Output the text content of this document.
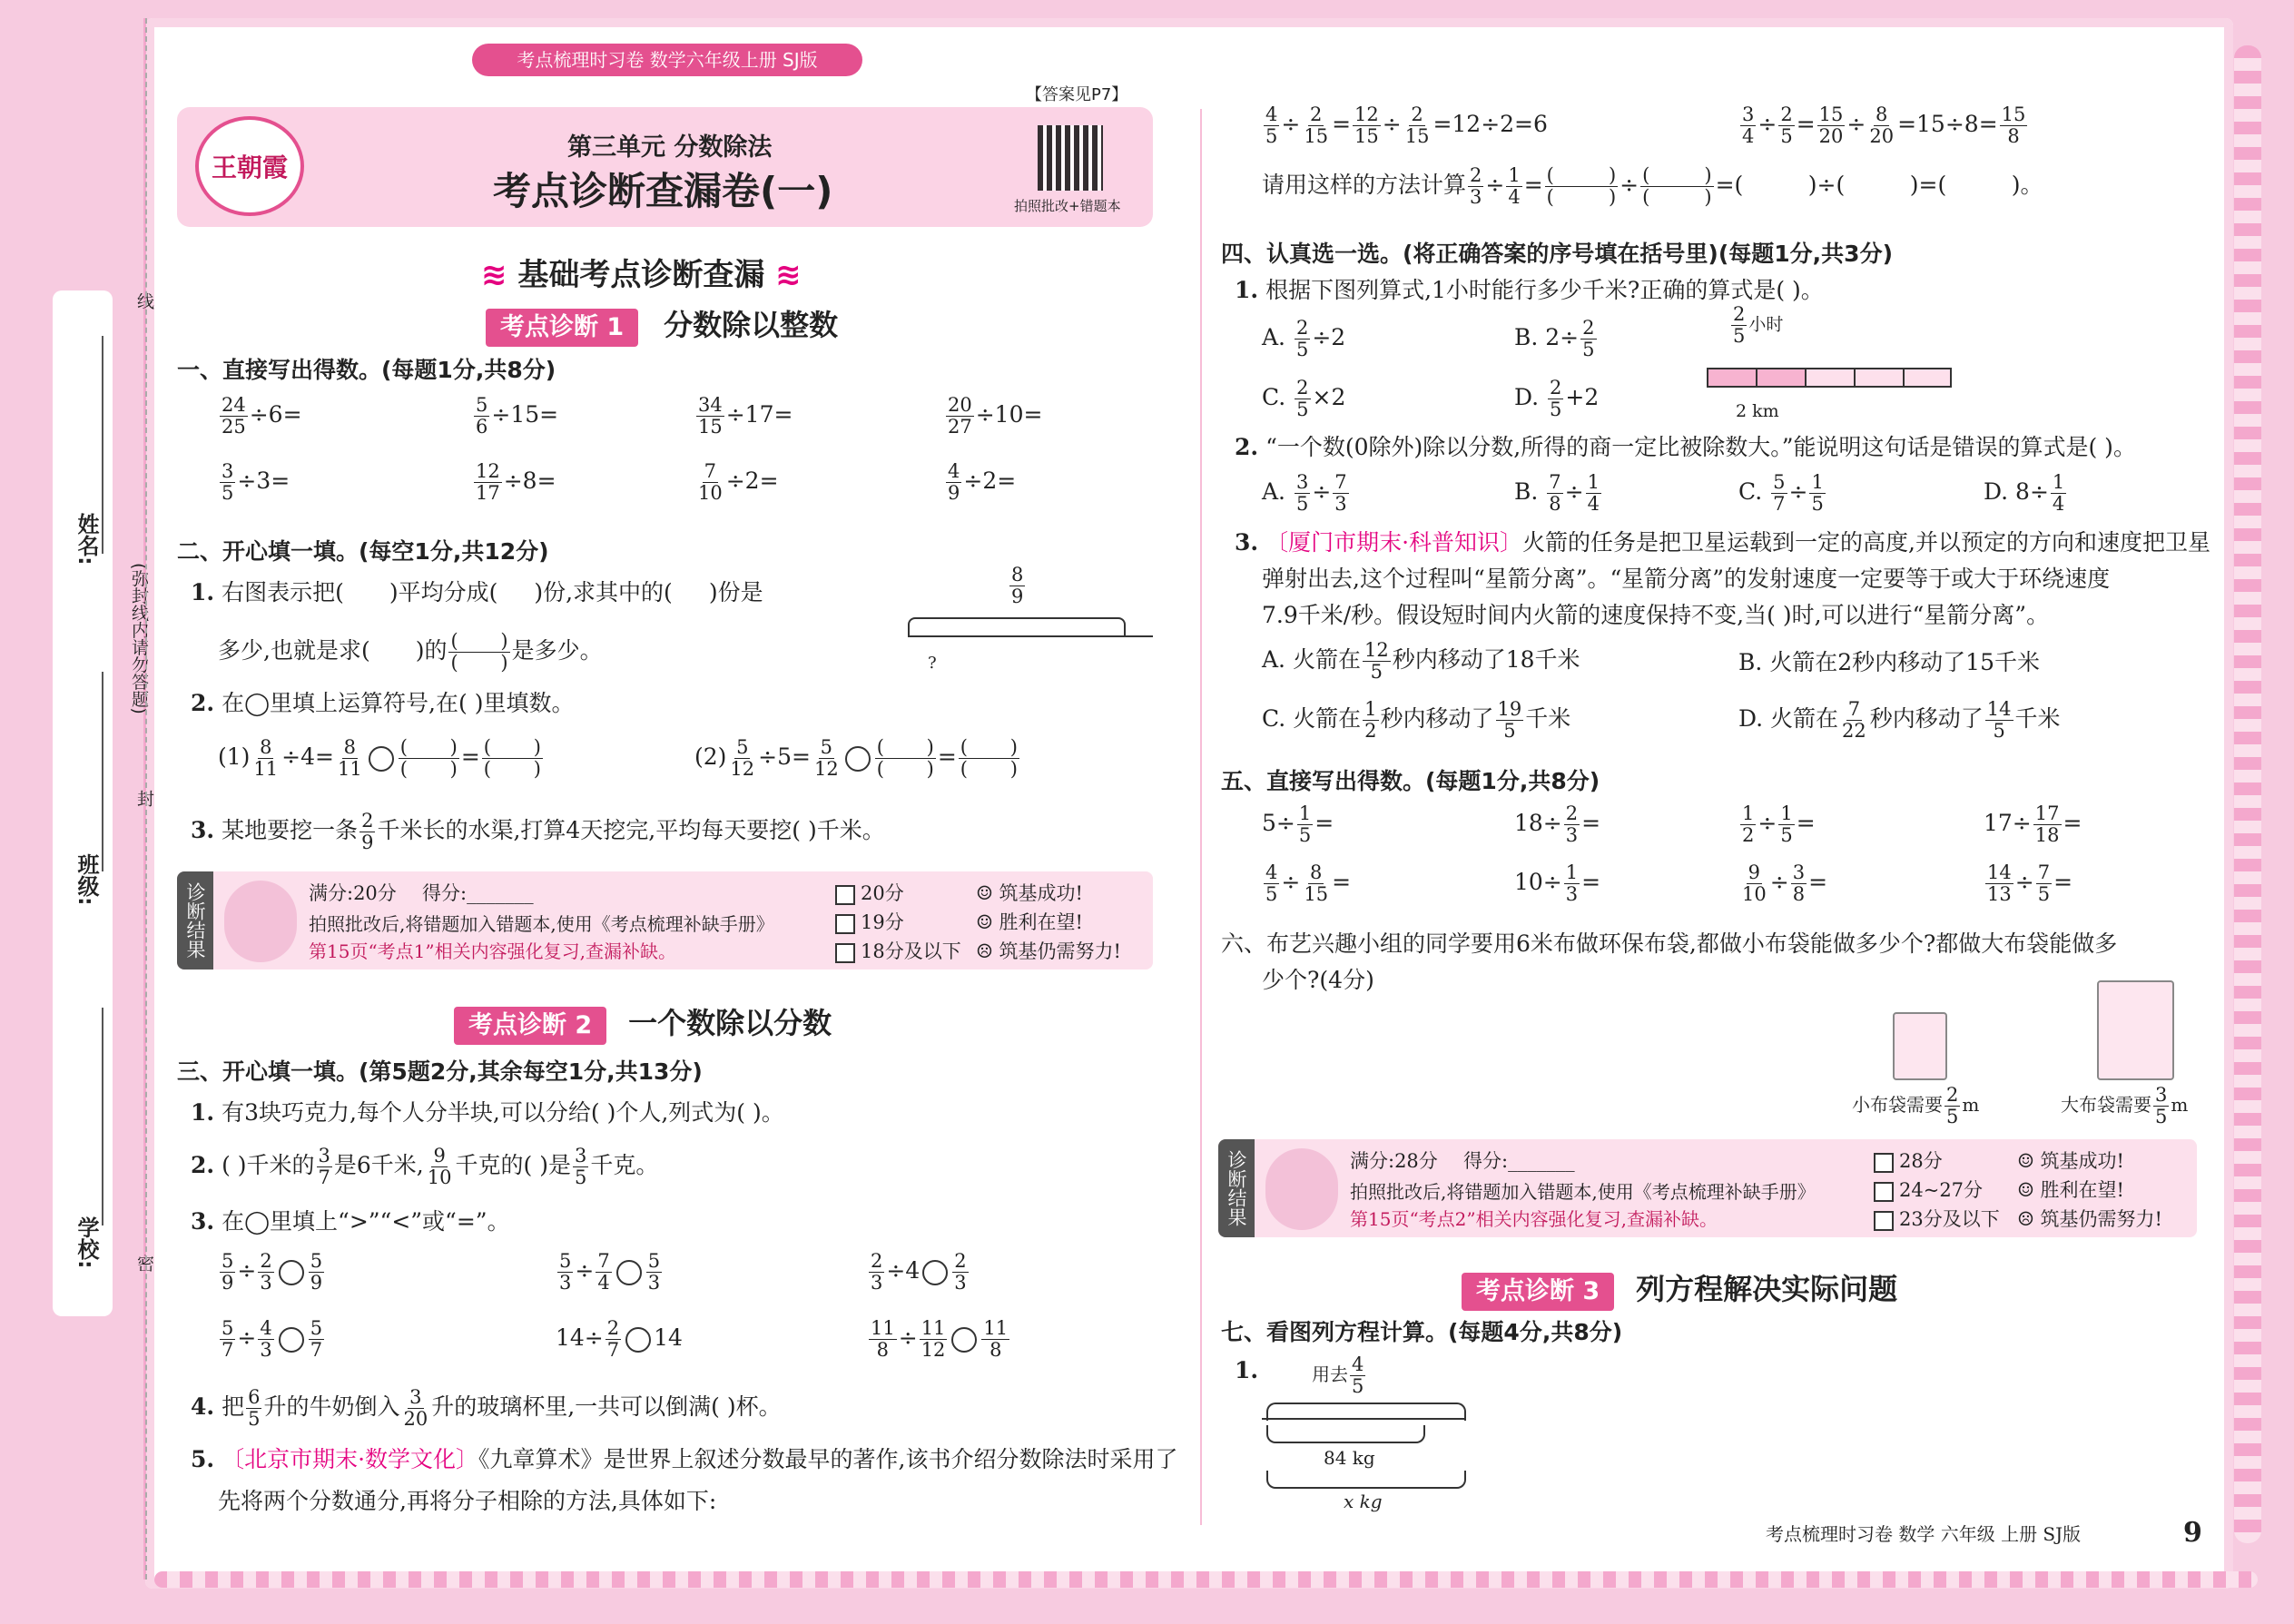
姓名:
班级:
学校:
(弥封线内请勿答题)
线
封
密
考点梳理时习卷 数学六年级上册 SJ版
【答案见P7】
王朝霞
第三单元 分数除法
考点诊断查漏卷(一)	拍照批改+错题本
≋ 基础考点诊断查漏 ≋
考点诊断 1 分数除以整数
一、直接写出得数。(每题1分,共8分)
$\frac{24}{25} \div 6=$	$\frac{5}{6} \div 15=$	$\frac{34}{15} \div 17=$	$\frac{20}{27} \div 10=$
$\frac{3}{5} \div 3=$	$\frac{12}{17} \div 8=$	$\frac{7}{10} \div 2=$	$\frac{4}{9} \div 2=$
二、开心填一填。(每空1分,共12分)
1. 右图表示把( )平均分成( )份,求其中的( )份是
多少,也就是求( )的 $\frac{( )}{( )}$ 是多少。
$\frac{8}{9}$
?
2. 在◯里填上运算符号,在( )里填数。
$(1) \frac{8}{11} \div 4= \frac{8}{11} \frac{( )}{( )} = \frac{( )}{( )}$	$(2) \frac{5}{12} \div 5= \frac{5}{12} \frac{( )}{( )} = \frac{( )}{( )}$
3. 某地要挖一条 $\frac{2}{9}$ 千米长的水渠,打算4天挖完,平均每天要挖( )千米。
诊断结果	满分:20分 得分:_______
拍照批改后,将错题加入错题本,使用《考点梳理补缺手册》
第15页“考点1”相关内容强化复习,查漏补缺。
20分
19分
18分及以下
☺ 筑基成功!
☺ 胜利在望!
☹ 筑基仍需努力!
考点诊断 2 一个数除以分数
三、开心填一填。(第5题2分,其余每空1分,共13分)
1. 有3块巧克力,每个人分半块,可以分给( )个人,列式为( )。
2. ( )千米的 $\frac{3}{7}$ 是6千米, $\frac{9}{10}$ 千克的( )是 $\frac{3}{5}$ 千克。
3. 在◯里填上“>”“<”或“=”。
$\frac{5}{9} \div \frac{2}{3} \frac{5}{9}$	$\frac{5}{3} \div \frac{7}{4} \frac{5}{3}$	$\frac{2}{3} \div 4 \frac{2}{3}$
$\frac{5}{7} \div \frac{4}{3} \frac{5}{7}$	$14\div \frac{2}{7} 14$	$\frac{11}{8} \div \frac{11}{12} \frac{11}{8}$
4. 把 $\frac{6}{5}$ 升的牛奶倒入 $\frac{3}{20}$ 升的玻璃杯里,一共可以倒满( )杯。
5. 〔北京市期末·数学文化〕《九章算术》是世界上叙述分数最早的著作,该书介绍分数除法时采用了
先将两个分数通分,再将分子相除的方法,具体如下:
$\frac{4}{5} \div \frac{2}{15} = \frac{12}{15} \div \frac{2}{15} =12\div 2=6$	$\frac{3}{4} \div \frac{2}{5} = \frac{15}{20} \div \frac{8}{20} =15\div 8= \frac{15}{8}$
请用这样的方法计算 $\frac{2}{3} \div \frac{1}{4} = \frac{( )}{( )} \div \frac{( )}{( )}$ =(         )÷(         )=(         )。
四、认真选一选。(将正确答案的序号填在括号里)(每题1分,共3分)
1. 根据下图列算式,1小时能行多少千米?正确的算式是( )。
A. $\frac{2}{5} \div 2$	B. $2\div \frac{2}{5}$
C. $\frac{2}{5} \times 2$	D. $\frac{2}{5} +2$
$\frac{2}{5}$ 小时
2 km
2. “一个数(0除外)除以分数,所得的商一定比被除数大。”能说明这句话是错误的算式是( )。
A. $\frac{3}{5} \div \frac{7}{3}$	B. $\frac{7}{8} \div \frac{1}{4}$	C. $\frac{5}{7} \div \frac{1}{5}$	D. $8\div \frac{1}{4}$
3. 〔厦门市期末·科普知识〕火箭的任务是把卫星运载到一定的高度,并以预定的方向和速度把卫星
弹射出去,这个过程叫“星箭分离”。“星箭分离”的发射速度一定要等于或大于环绕速度
7.9千米/秒。假设短时间内火箭的速度保持不变,当( )时,可以进行“星箭分离”。
A. 火箭在 $\frac{12}{5}$ 秒内移动了18千米	B. 火箭在2秒内移动了15千米
C. 火箭在 $\frac{1}{2}$ 秒内移动了 $\frac{19}{5}$ 千米	D. 火箭在 $\frac{7}{22}$ 秒内移动了 $\frac{14}{5}$ 千米
五、直接写出得数。(每题1分,共8分)
$5\div \frac{1}{5}$ =	$18\div \frac{2}{3}$ =	$\frac{1}{2} \div \frac{1}{5}$ =	$17\div \frac{17}{18}$ =
$\frac{4}{5} \div \frac{8}{15}$ =	$10\div \frac{1}{3}$ =	$\frac{9}{10} \div \frac{3}{8}$ =	$\frac{14}{13} \div \frac{7}{5}$ =
六、布艺兴趣小组的同学要用6米布做环保布袋,都做小布袋能做多少个?都做大布袋能做多
少个?(4分)
小布袋需要 $\frac{2}{5}$ m	大布袋需要 $\frac{3}{5}$ m
诊断结果	满分:28分 得分:_______
拍照批改后,将错题加入错题本,使用《考点梳理补缺手册》
第15页“考点2”相关内容强化复习,查漏补缺。
28分
24~27分
23分及以下
☺ 筑基成功!
☺ 胜利在望!
☹ 筑基仍需努力!
考点诊断 3 列方程解决实际问题
七、看图列方程计算。(每题4分,共8分)
1.	用去 $\frac{4}{5}$
84 kg
x kg
考点梳理时习卷 数学 六年级 上册 SJ版	9
